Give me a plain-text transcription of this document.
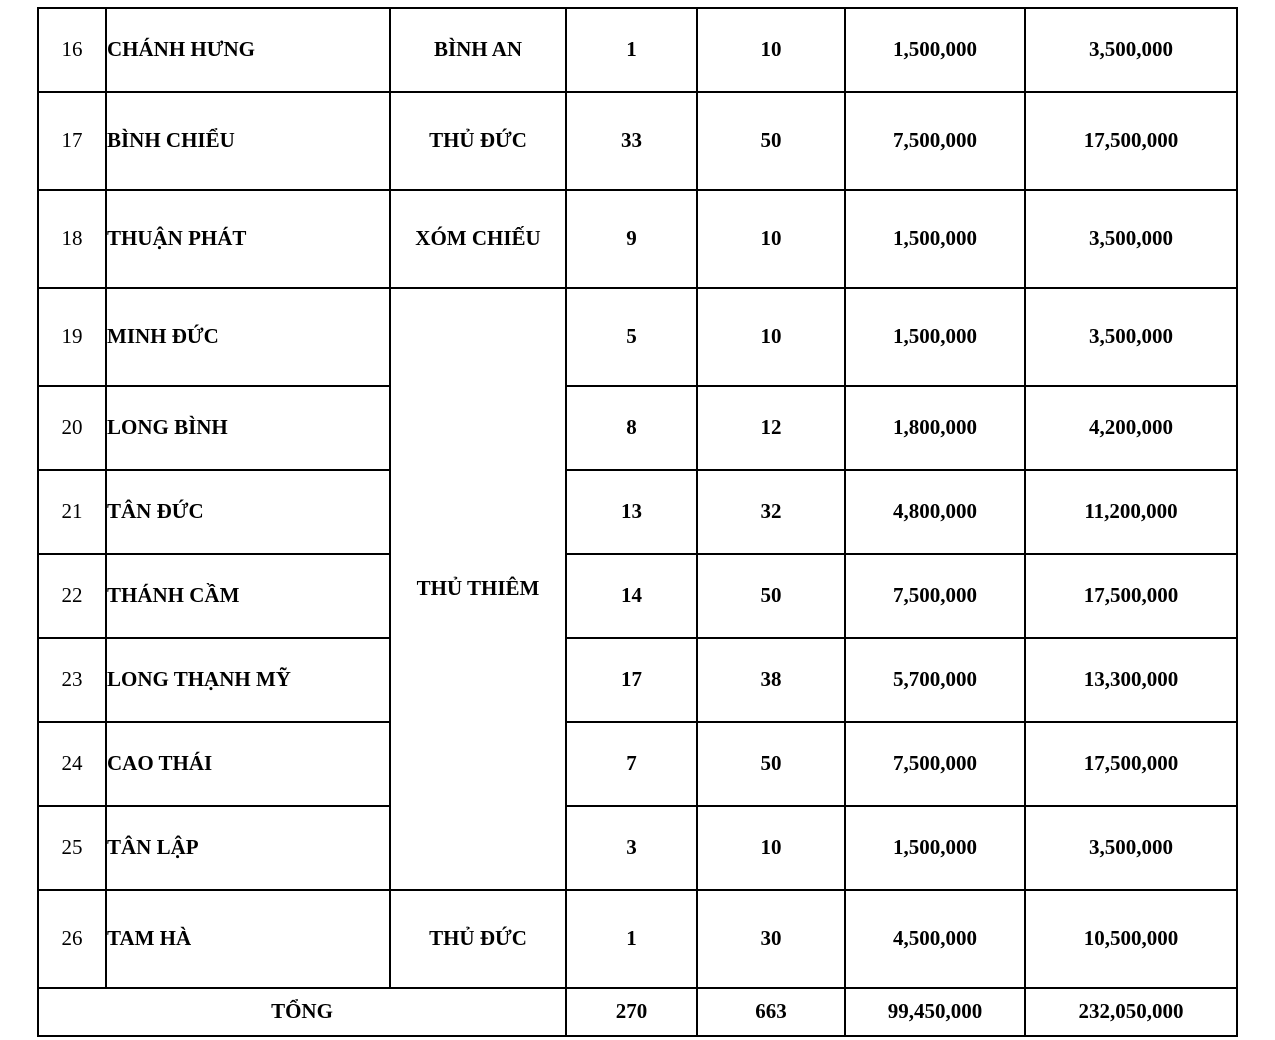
16	CHÁNH HƯNG	BÌNH AN	1	10	1,500,000	3,500,000
17	BÌNH CHIỂU	THỦ ĐỨC	33	50	7,500,000	17,500,000
18	THUẬN PHÁT	XÓM CHIẾU	9	10	1,500,000	3,500,000
19	MINH ĐỨC	THỦ THIÊM	5	10	1,500,000	3,500,000
20	LONG BÌNH		8	12	1,800,000	4,200,000
21	TÂN ĐỨC		13	32	4,800,000	11,200,000
22	THÁNH CẦM		14	50	7,500,000	17,500,000
23	LONG THẠNH MỸ		17	38	5,700,000	13,300,000
24	CAO THÁI		7	50	7,500,000	17,500,000
25	TÂN LẬP		3	10	1,500,000	3,500,000
26	TAM HÀ	THỦ ĐỨC	1	30	4,500,000	10,500,000
TỔNG			270	663	99,450,000	232,050,000
